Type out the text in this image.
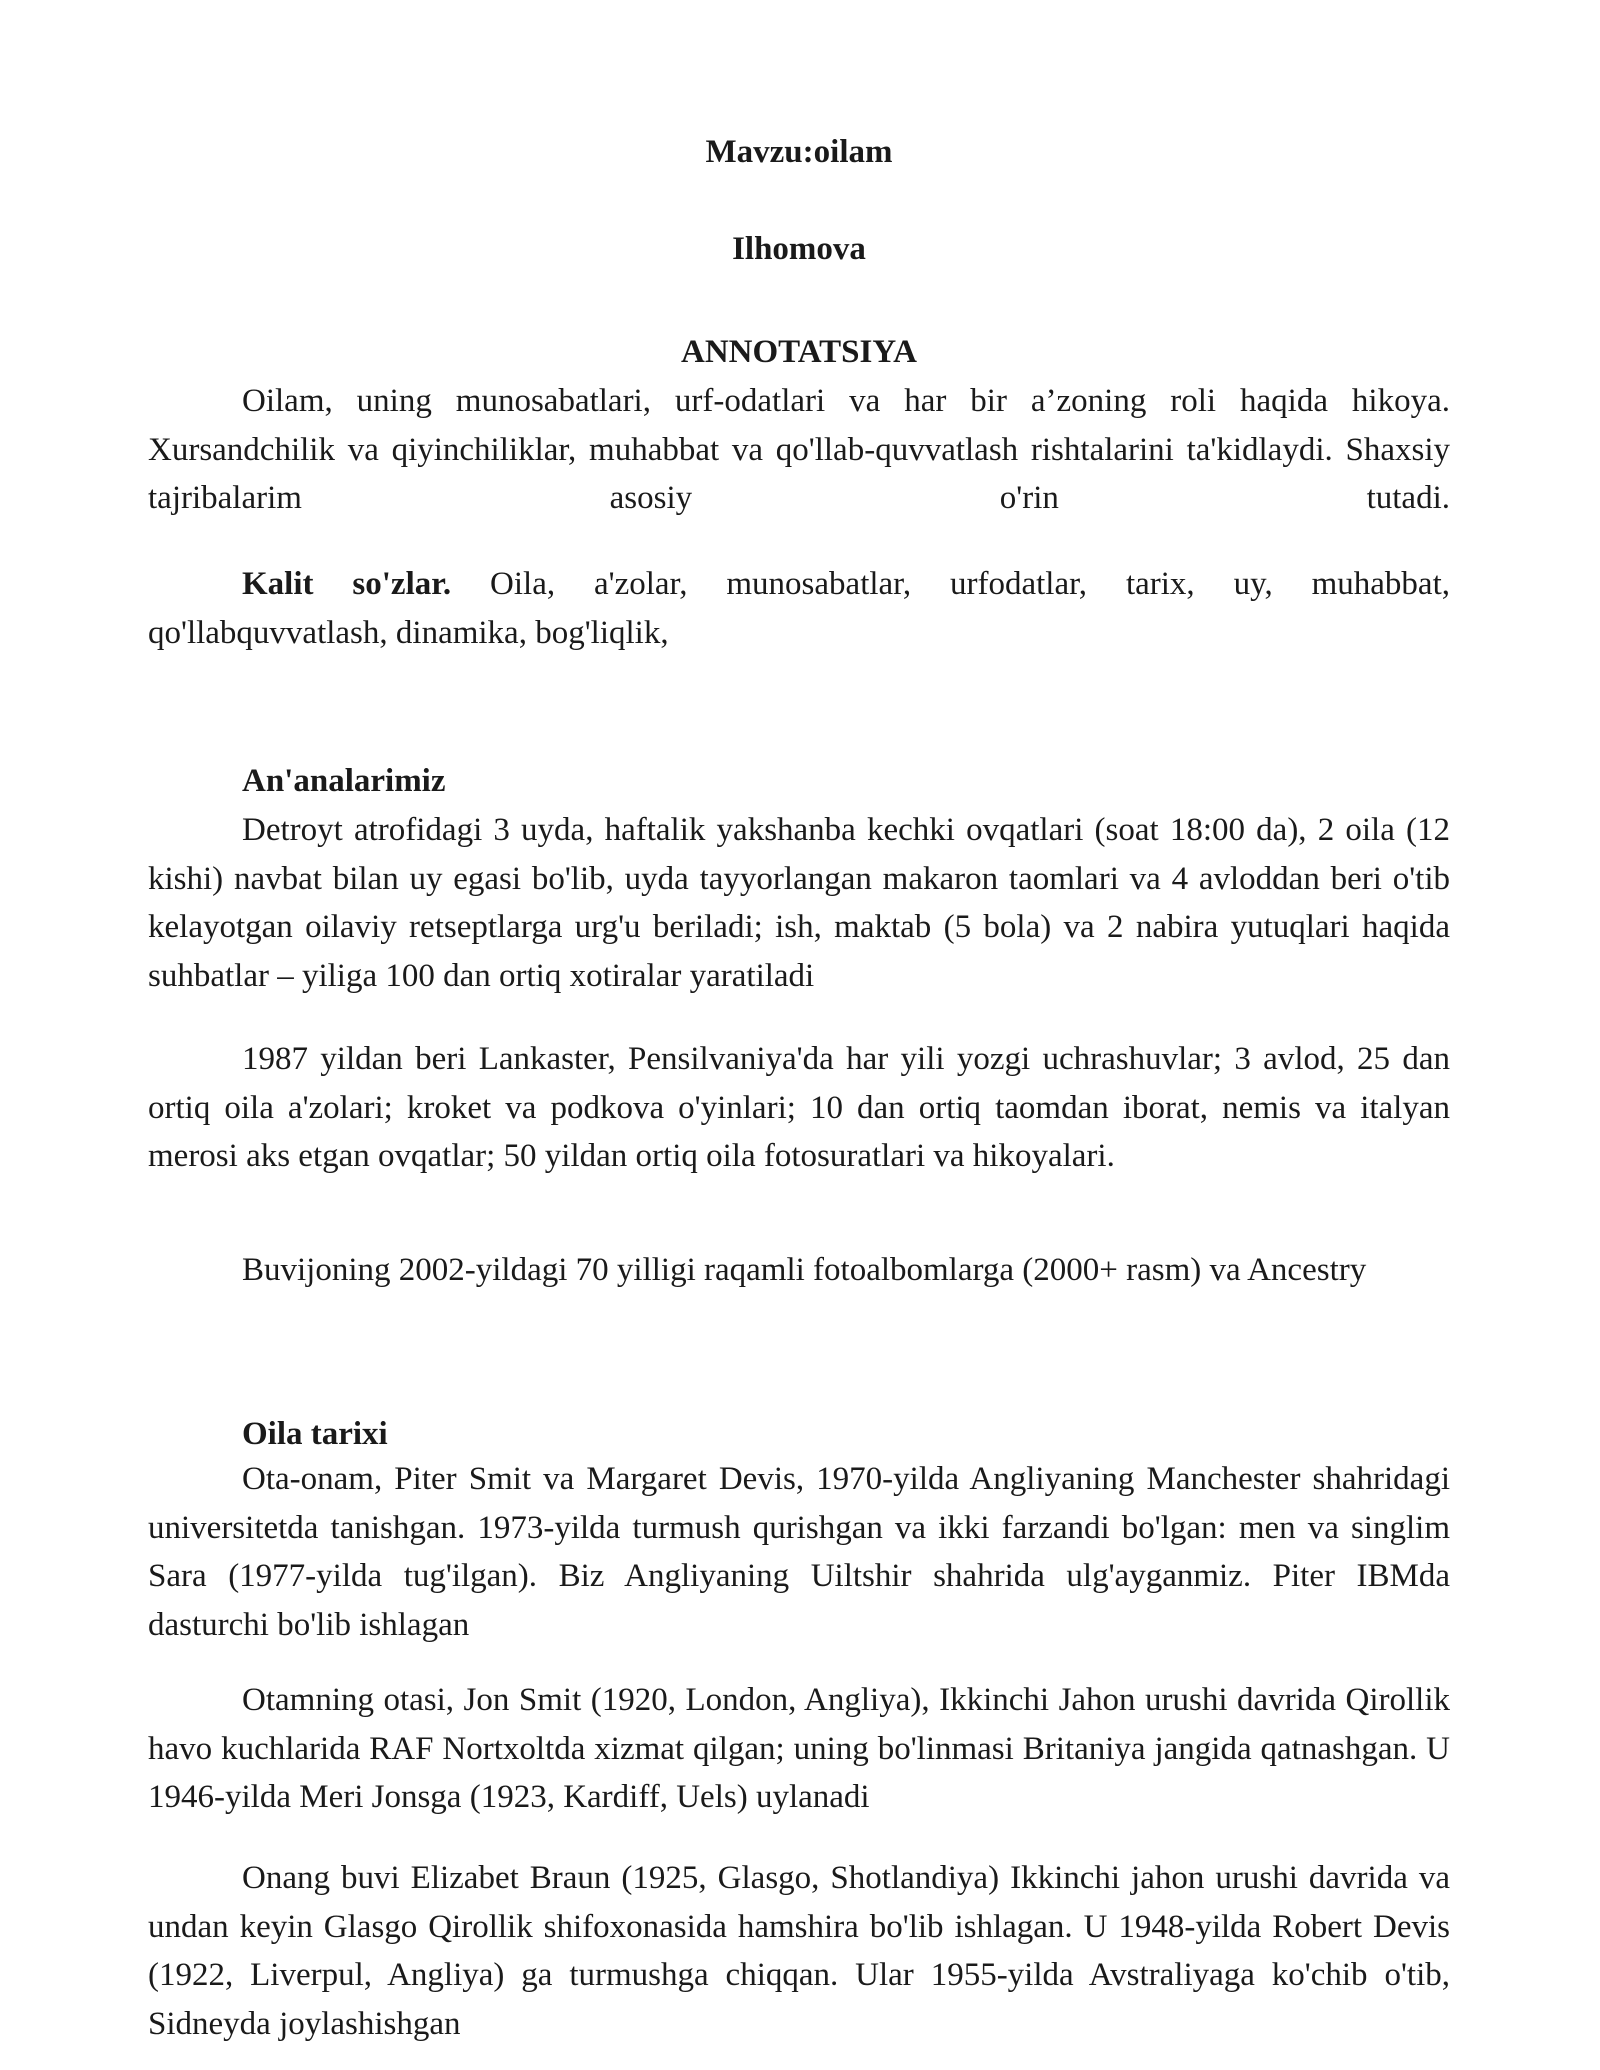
Mavzu:oilam
Ilhomova
ANNOTATSIYA
Oilam, uning munosabatlari, urf-odatlari va har bir a’zoning roli haqida hikoya. Xursandchilik va qiyinchiliklar, muhabbat va qo'llab-quvvatlash rishtalarini ta'kidlaydi. Shaxsiy tajribalarim asosiy o'rin tutadi.
Kalit so'zlar. Oila, a'zolar, munosabatlar, urfodatlar, tarix, uy, muhabbat, qo'llabquvvatlash, dinamika, bog'liqlik,
An'analarimiz
Detroyt atrofidagi 3 uyda, haftalik yakshanba kechki ovqatlari (soat 18:00 da), 2 oila (12 kishi) navbat bilan uy egasi bo'lib, uyda tayyorlangan makaron taomlari va 4 avloddan beri o'tib kelayotgan oilaviy retseptlarga urg'u beriladi; ish, maktab (5 bola) va 2 nabira yutuqlari haqida suhbatlar – yiliga 100 dan ortiq xotiralar yaratiladi
1987 yildan beri Lankaster, Pensilvaniya'da har yili yozgi uchrashuvlar; 3 avlod, 25 dan ortiq oila a'zolari; kroket va podkova o'yinlari; 10 dan ortiq taomdan iborat, nemis va italyan merosi aks etgan ovqatlar; 50 yildan ortiq oila fotosuratlari va hikoyalari.
Buvijoning 2002-yildagi 70 yilligi raqamli fotoalbomlarga (2000+ rasm) va Ancestry
Oila tarixi
Ota-onam, Piter Smit va Margaret Devis, 1970-yilda Angliyaning Manchester shahridagi universitetda tanishgan. 1973-yilda turmush qurishgan va ikki farzandi bo'lgan: men va singlim Sara (1977-yilda tug'ilgan). Biz Angliyaning Uiltshir shahrida ulg'ayganmiz. Piter IBMda dasturchi bo'lib ishlagan
Otamning otasi, Jon Smit (1920, London, Angliya), Ikkinchi Jahon urushi davrida Qirollik havo kuchlarida RAF Nortxoltda xizmat qilgan; uning bo'linmasi Britaniya jangida qatnashgan. U 1946-yilda Meri Jonsga (1923, Kardiff, Uels) uylanadi
Onang buvi Elizabet Braun (1925, Glasgo, Shotlandiya) Ikkinchi jahon urushi davrida va undan keyin Glasgo Qirollik shifoxonasida hamshira bo'lib ishlagan. U 1948-yilda Robert Devis (1922, Liverpul, Angliya) ga turmushga chiqqan. Ular 1955-yilda Avstraliyaga ko'chib o'tib, Sidneyda joylashishgan
